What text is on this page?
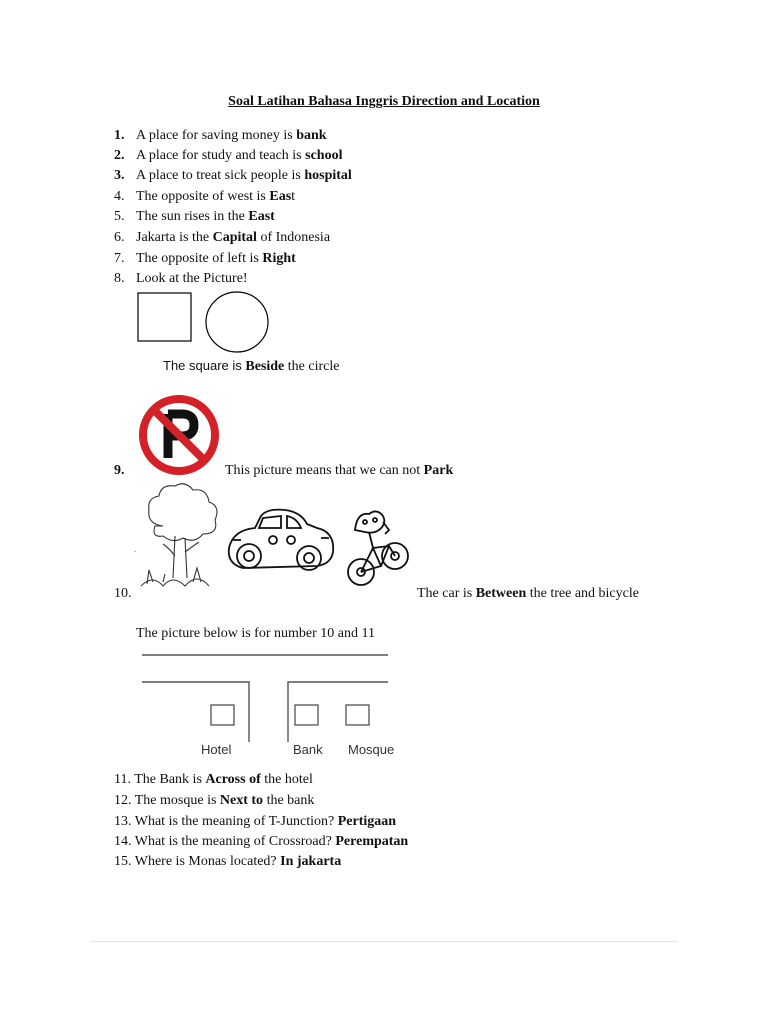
Soal Latihan Bahasa Inggris Direction and Location
1. A place for saving money is bank
2. A place for study and teach is school
3. A place to treat sick people is hospital
4. The opposite of west is East
5. The sun rises in the East
6. Jakarta is the Capital of Indonesia
7. The opposite of left is Right
8. Look at the Picture!
The square is Beside the circle
9.	This picture means that we can not Park
.
10.	The car is Between the tree and bicycle
The picture below is for number 10 and 11
Hotel	Bank Mosque
11. The Bank is Across of the hotel
12. The mosque is Next to the bank
13. What is the meaning of T-Junction? Pertigaan
14. What is the meaning of Crossroad? Perempatan
15. Where is Monas located? In jakarta
